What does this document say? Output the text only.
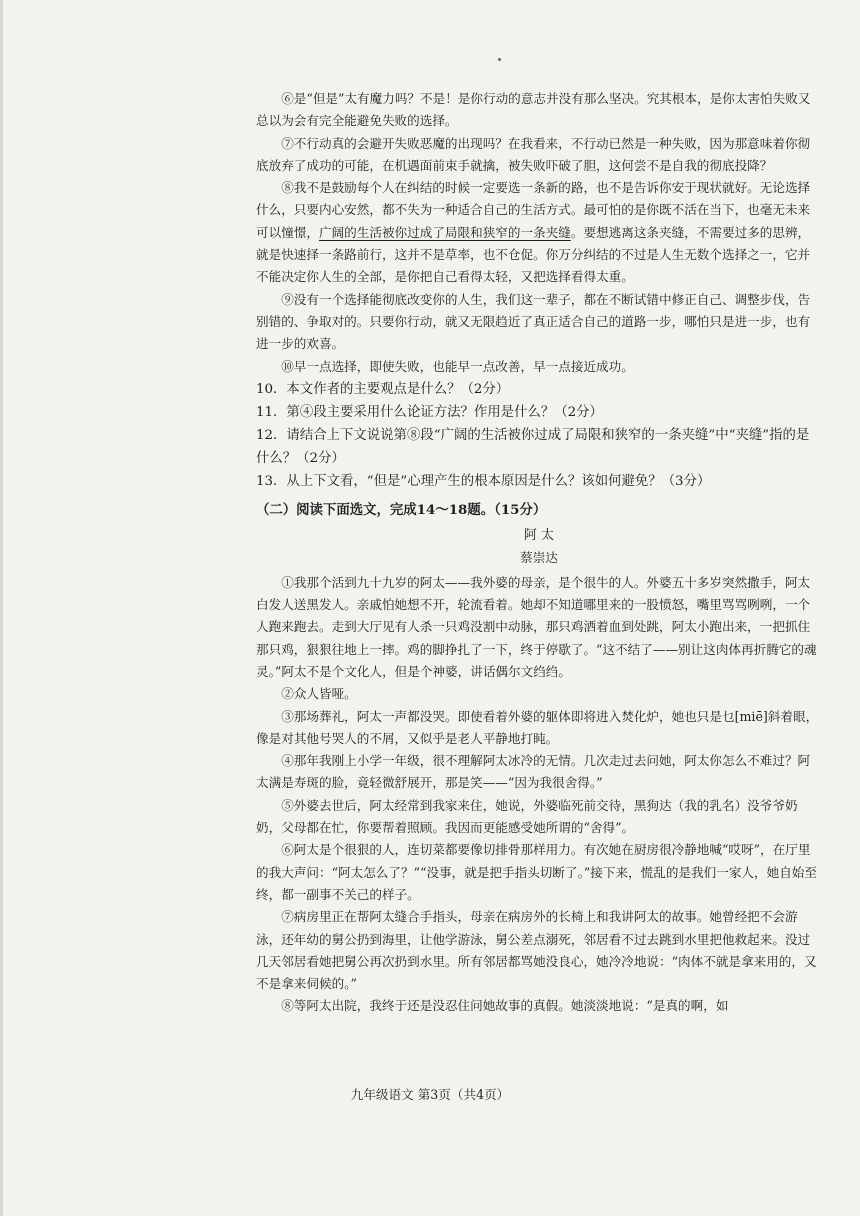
⑥是“但是”太有魔力吗？不是！是你行动的意志并没有那么坚决。究其根本，是你太害怕失败又总以为会有完全能避免失败的选择。

⑦不行动真的会避开失败恶魔的出现吗？在我看来，不行动已然是一种失败，因为那意味着你彻底放弃了成功的可能，在机遇面前束手就擒，被失败吓破了胆，这何尝不是自我的彻底投降？

⑧我不是鼓励每个人在纠结的时候一定要选一条新的路，也不是告诉你安于现状就好。无论选择什么，只要内心安然，都不失为一种适合自己的生活方式。最可怕的是你既不活在当下，也毫无未来可以憧憬，广阔的生活被你过成了局限和狭窄的一条夹缝。要想逃离这条夹缝，不需要过多的思辨，就是快速择一条路前行，这并不是草率，也不仓促。你万分纠结的不过是人生无数个选择之一，它并不能决定你人生的全部，是你把自己看得太轻，又把选择看得太重。

⑨没有一个选择能彻底改变你的人生，我们这一辈子，都在不断试错中修正自己、调整步伐，告别错的、争取对的。只要你行动，就又无限趋近了真正适合自己的道路一步，哪怕只是进一步，也有进一步的欢喜。

⑩早一点选择，即使失败，也能早一点改善，早一点接近成功。

10．本文作者的主要观点是什么？（2分）

11．第④段主要采用什么论证方法？作用是什么？（2分）

12．请结合上下文说说第⑧段“广阔的生活被你过成了局限和狭窄的一条夹缝”中“夹缝”指的是什么？（2分）

13．从上下文看，“但是”心理产生的根本原因是什么？该如何避免？（3分）

（二）阅读下面选文，完成14～18题。（15分）

阿 太

蔡崇达

①我那个活到九十九岁的阿太——我外婆的母亲，是个很牛的人。外婆五十多岁突然撒手，阿太白发人送黑发人。亲戚怕她想不开，轮流看着。她却不知道哪里来的一股愤怒，嘴里骂骂咧咧，一个人跑来跑去。走到大厅见有人杀一只鸡没割中动脉，那只鸡洒着血到处跳，阿太小跑出来，一把抓住那只鸡，狠狠往地上一摔。鸡的脚挣扎了一下，终于停歇了。“这不结了——别让这肉体再折腾它的魂灵。”阿太不是个文化人，但是个神婆，讲话偶尔文绉绉。

②众人皆哑。

③那场葬礼，阿太一声都没哭。即使看着外婆的躯体即将进入焚化炉，她也只是乜[miē]斜着眼，像是对其他号哭人的不屑，又似乎是老人平静地打盹。

④那年我刚上小学一年级，很不理解阿太冰冷的无情。几次走过去问她，阿太你怎么不难过？阿太满是寿斑的脸，竟轻微舒展开，那是笑——“因为我很舍得。”

⑤外婆去世后，阿太经常到我家来住，她说，外婆临死前交待，黑狗达（我的乳名）没爷爷奶奶，父母都在忙，你要帮着照顾。我因而更能感受她所谓的“舍得”。

⑥阿太是个很狠的人，连切菜都要像切排骨那样用力。有次她在厨房很冷静地喊“哎呀”，在厅里的我大声问：“阿太怎么了？”“没事，就是把手指头切断了。”接下来，慌乱的是我们一家人，她自始至终，都一副事不关己的样子。

⑦病房里正在帮阿太缝合手指头，母亲在病房外的长椅上和我讲阿太的故事。她曾经把不会游泳，还年幼的舅公扔到海里，让他学游泳，舅公差点溺死，邻居看不过去跳到水里把他救起来。没过几天邻居看她把舅公再次扔到水里。所有邻居都骂她没良心，她冷冷地说：“肉体不就是拿来用的，又不是拿来伺候的。”

⑧等阿太出院，我终于还是没忍住问她故事的真假。她淡淡地说：“是真的啊，如

九年级语文 第3页（共4页）
